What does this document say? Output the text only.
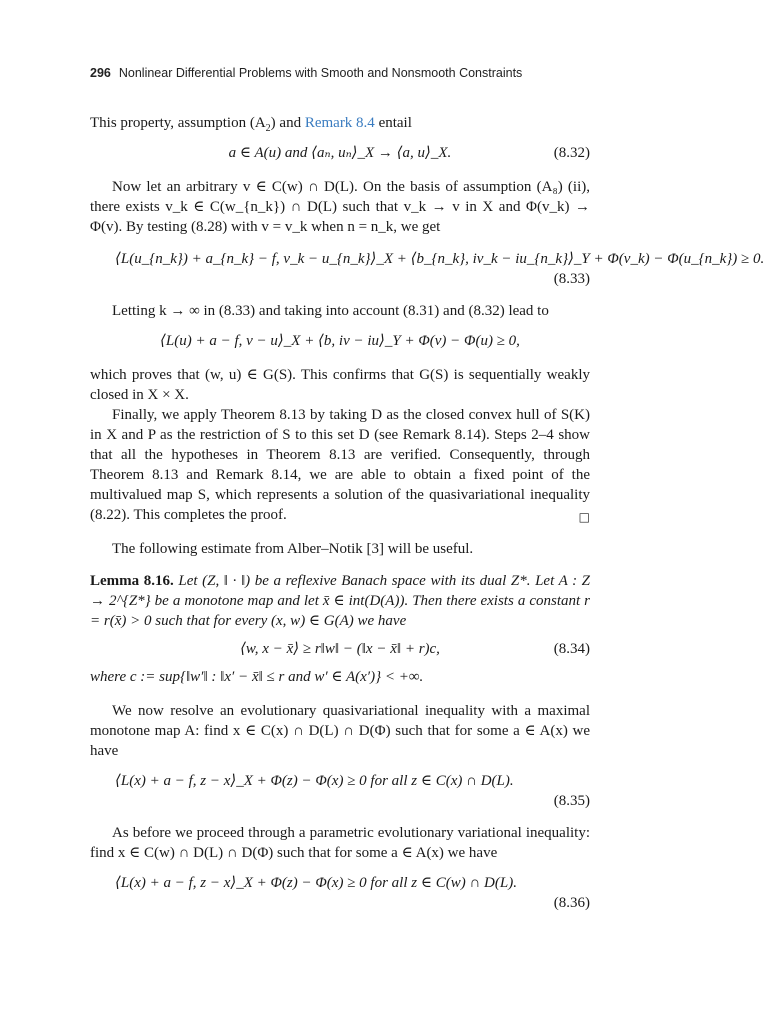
296 Nonlinear Differential Problems with Smooth and Nonsmooth Constraints

This property, assumption $(A_2)$ and Remark 8.4 entail

a ∈ A(u) and ⟨aₙ, uₙ⟩_X → ⟨a, u⟩_X.	(8.32)

Now let an arbitrary v ∈ C(w) ∩ D(L). On the basis of assumption (A₈) (ii), there exists v_k ∈ C(w_{n_k}) ∩ D(L) such that v_k → v in X and Φ(v_k) → Φ(v). By testing (8.28) with v = v_k when n = n_k, we get

⟨L(u_{n_k}) + a_{n_k} − f, v_k − u_{n_k}⟩_X + ⟨b_{n_k}, iv_k − iu_{n_k}⟩_Y + Φ(v_k) − Φ(u_{n_k}) ≥ 0.
(8.33)

Letting k → ∞ in (8.33) and taking into account (8.31) and (8.32) lead to

⟨L(u) + a − f, v − u⟩_X + ⟨b, iv − iu⟩_Y + Φ(v) − Φ(u) ≥ 0,

which proves that (w, u) ∈ G(S). This confirms that G(S) is sequentially weakly closed in X × X.

Finally, we apply Theorem 8.13 by taking D as the closed convex hull of S(K) in X and P as the restriction of S to this set D (see Remark 8.14). Steps 2–4 show that all the hypotheses in Theorem 8.13 are verified. Consequently, through Theorem 8.13 and Remark 8.14, we are able to obtain a fixed point of the multivalued map S, which represents a solution of the quasivariational inequality (8.22). This completes the proof.	□

The following estimate from Alber–Notik [3] will be useful.

Lemma 8.16. Let (Z, ‖ · ‖) be a reflexive Banach space with its dual Z*. Let A : Z → 2^{Z*} be a monotone map and let x̄ ∈ int(D(A)). Then there exists a constant r = r(x̄) > 0 such that for every (x, w) ∈ G(A) we have

⟨w, x − x̄⟩ ≥ r‖w‖ − (‖x − x̄‖ + r)c,	(8.34)

where c := sup{‖w′‖ : ‖x′ − x̄‖ ≤ r and w′ ∈ A(x′)} < +∞.

We now resolve an evolutionary quasivariational inequality with a maximal monotone map A: find x ∈ C(x) ∩ D(L) ∩ D(Φ) such that for some a ∈ A(x) we have

⟨L(x) + a − f, z − x⟩_X + Φ(z) − Φ(x) ≥ 0 for all z ∈ C(x) ∩ D(L).
(8.35)

As before we proceed through a parametric evolutionary variational inequality: find x ∈ C(w) ∩ D(L) ∩ D(Φ) such that for some a ∈ A(x) we have

⟨L(x) + a − f, z − x⟩_X + Φ(z) − Φ(x) ≥ 0 for all z ∈ C(w) ∩ D(L).
(8.36)
